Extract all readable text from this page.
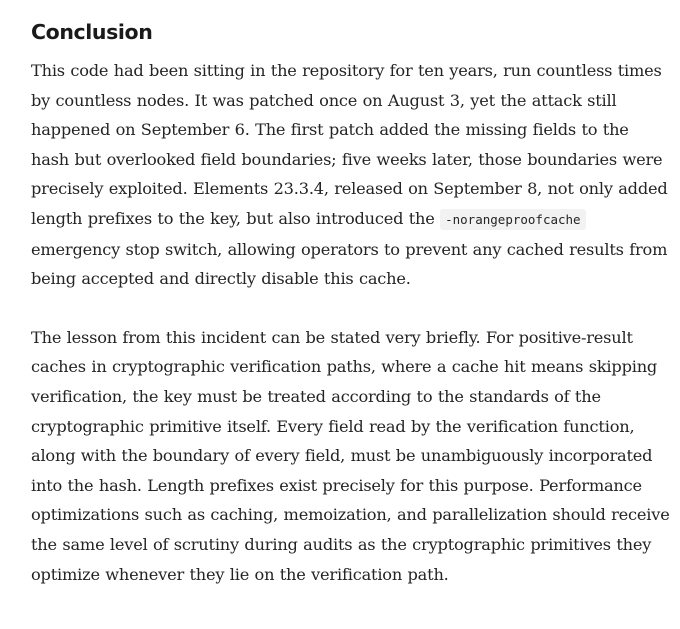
Conclusion

This code had been sitting in the repository for ten years, run countless times by countless nodes. It was patched once on August 3, yet the attack still happened on September 6. The first patch added the missing fields to the hash but overlooked field boundaries; five weeks later, those boundaries were precisely exploited. Elements 23.3.4, released on September 8, not only added length prefixes to the key, but also introduced the -norangeproofcache emergency stop switch, allowing operators to prevent any cached results from being accepted and directly disable this cache.

The lesson from this incident can be stated very briefly. For positive-result caches in cryptographic verification paths, where a cache hit means skipping verification, the key must be treated according to the standards of the cryptographic primitive itself. Every field read by the verification function, along with the boundary of every field, must be unambiguously incorporated into the hash. Length prefixes exist precisely for this purpose. Performance optimizations such as caching, memoization, and parallelization should receive the same level of scrutiny during audits as the cryptographic primitives they optimize whenever they lie on the verification path.
